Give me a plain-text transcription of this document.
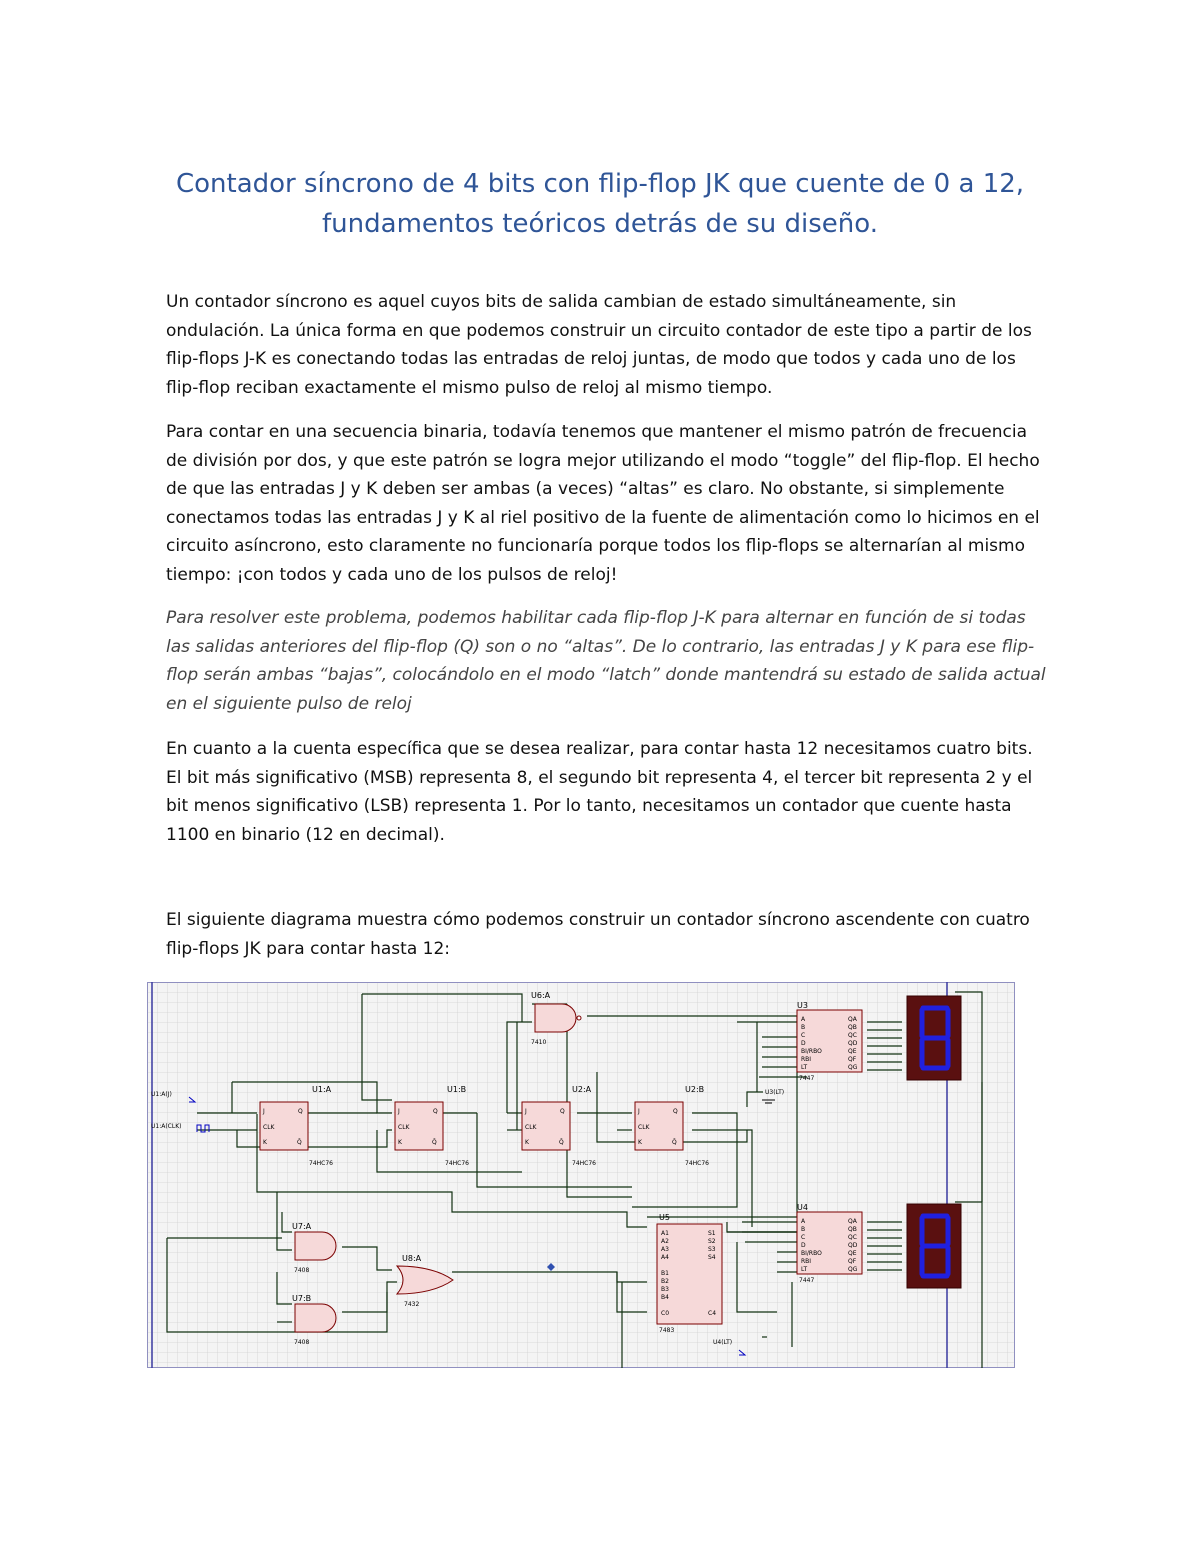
Contador síncrono de 4 bits con flip-flop JK que cuente de 0 a 12, fundamentos teóricos detrás de su diseño.

Un contador síncrono es aquel cuyos bits de salida cambian de estado simultáneamente, sin ondulación. La única forma en que podemos construir un circuito contador de este tipo a partir de los flip-flops J-K es conectando todas las entradas de reloj juntas, de modo que todos y cada uno de los flip-flop reciban exactamente el mismo pulso de reloj al mismo tiempo.

Para contar en una secuencia binaria, todavía tenemos que mantener el mismo patrón de frecuencia de división por dos, y que este patrón se logra mejor utilizando el modo “toggle” del flip-flop. El hecho de que las entradas J y K deben ser ambas (a veces) “altas” es claro. No obstante, si simplemente conectamos todas las entradas J y K al riel positivo de la fuente de alimentación como lo hicimos en el circuito asíncrono, esto claramente no funcionaría porque todos los flip-flops se alternarían al mismo tiempo: ¡con todos y cada uno de los pulsos de reloj!

Para resolver este problema, podemos habilitar cada flip-flop J-K para alternar en función de si todas las salidas anteriores del flip-flop (Q) son o no “altas”. De lo contrario, las entradas J y K para ese flip-flop serán ambas “bajas”, colocándolo en el modo “latch” donde mantendrá su estado de salida actual en el siguiente pulso de reloj

En cuanto a la cuenta específica que se desea realizar, para contar hasta 12 necesitamos cuatro bits. El bit más significativo (MSB) representa 8, el segundo bit representa 4, el tercer bit representa 2 y el bit menos significativo (LSB) representa 1. Por lo tanto, necesitamos un contador que cuente hasta 1100 en binario (12 en decimal).

El siguiente diagrama muestra cómo podemos construir un contador síncrono ascendente con cuatro flip-flops JK para contar hasta 12:

U1:A(J)
U1:A(CLK)
U1:A
J
CLK
K
Q
Q̄
74HC76
U1:B
J
CLK
K
Q
Q̄
74HC76
U2:A
J
CLK
K
Q
Q̄
74HC76
U2:B
J
CLK
K
Q
Q̄
74HC76
U6:A
7410
U7:A
7408
U7:B
7408
U8:A
7432
U5
A1
A2
A3
A4
B1
B2
B3
B4
C0
S1
S2
S3
S4
C4
7483
U3
A
B
C
D
BI/RBO
RBI
LT
QA
QB
QC
QD
QE
QF
QG
7447
U4
A
B
C
D
BI/RBO
RBI
LT
QA
QB
QC
QD
QE
QF
QG
7447
U3(LT)
U4(LT)
